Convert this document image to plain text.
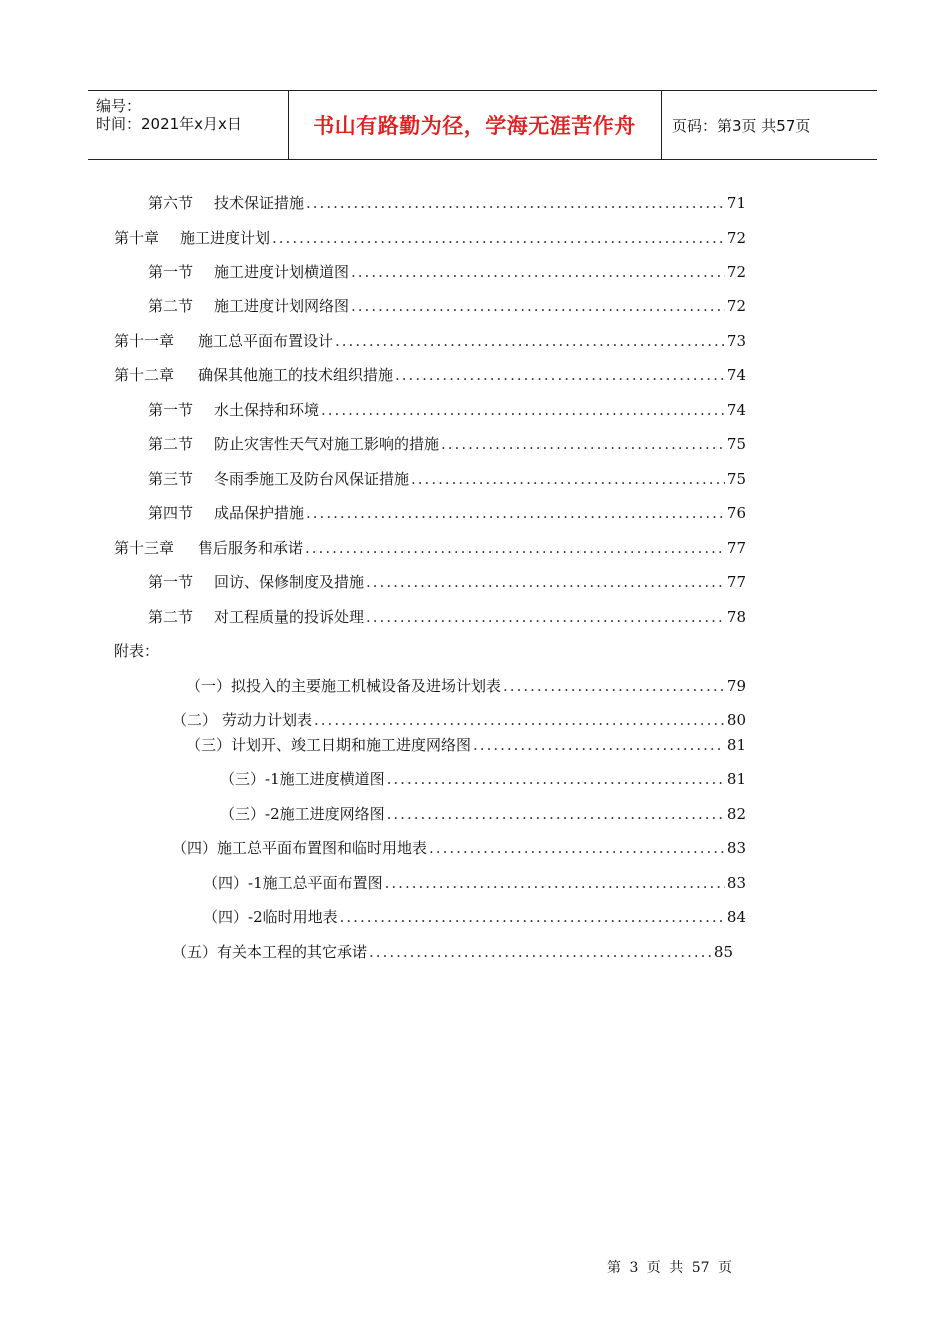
编号：
时间：2021年x月x日	书山有路勤为径，学海无涯苦作舟 页码：第3页 共57页
第六节	技术保证措施 .....	71
第十章	施工进度计划 .....	72
第一节	施工进度计划横道图 .....	72
第二节	施工进度计划网络图 .....	72
第十一章	施工总平面布置设计 .....	73
第十二章	确保其他施工的技术组织措施 .....	74
第一节	水土保持和环境 .....	74
第二节	防止灾害性天气对施工影响的措施 .....	75
第三节	冬雨季施工及防台风保证措施 .....	75
第四节	成品保护措施 .....	76
第十三章	售后服务和承诺 .....	77
第一节	回访、保修制度及措施 .....	77
第二节	对工程质量的投诉处理 .....	78
附表：
（一） 拟投入的主要施工机械设备及进场计划表 .....	79
（二） 劳动力计划表 .....	80
（三） 计划开、竣工日期和施工进度网络图 .....	81
（三） -1施工进度横道图 .....	81
（三） -2施工进度网络图 .....	82
（四） 施工总平面布置图和临时用地表 .....	83
（四） -1施工总平面布置图 .....	83
（四） -2临时用地表 .....	84
（五） 有关本工程的其它承诺 .....	85
第 3 页 共 57 页
